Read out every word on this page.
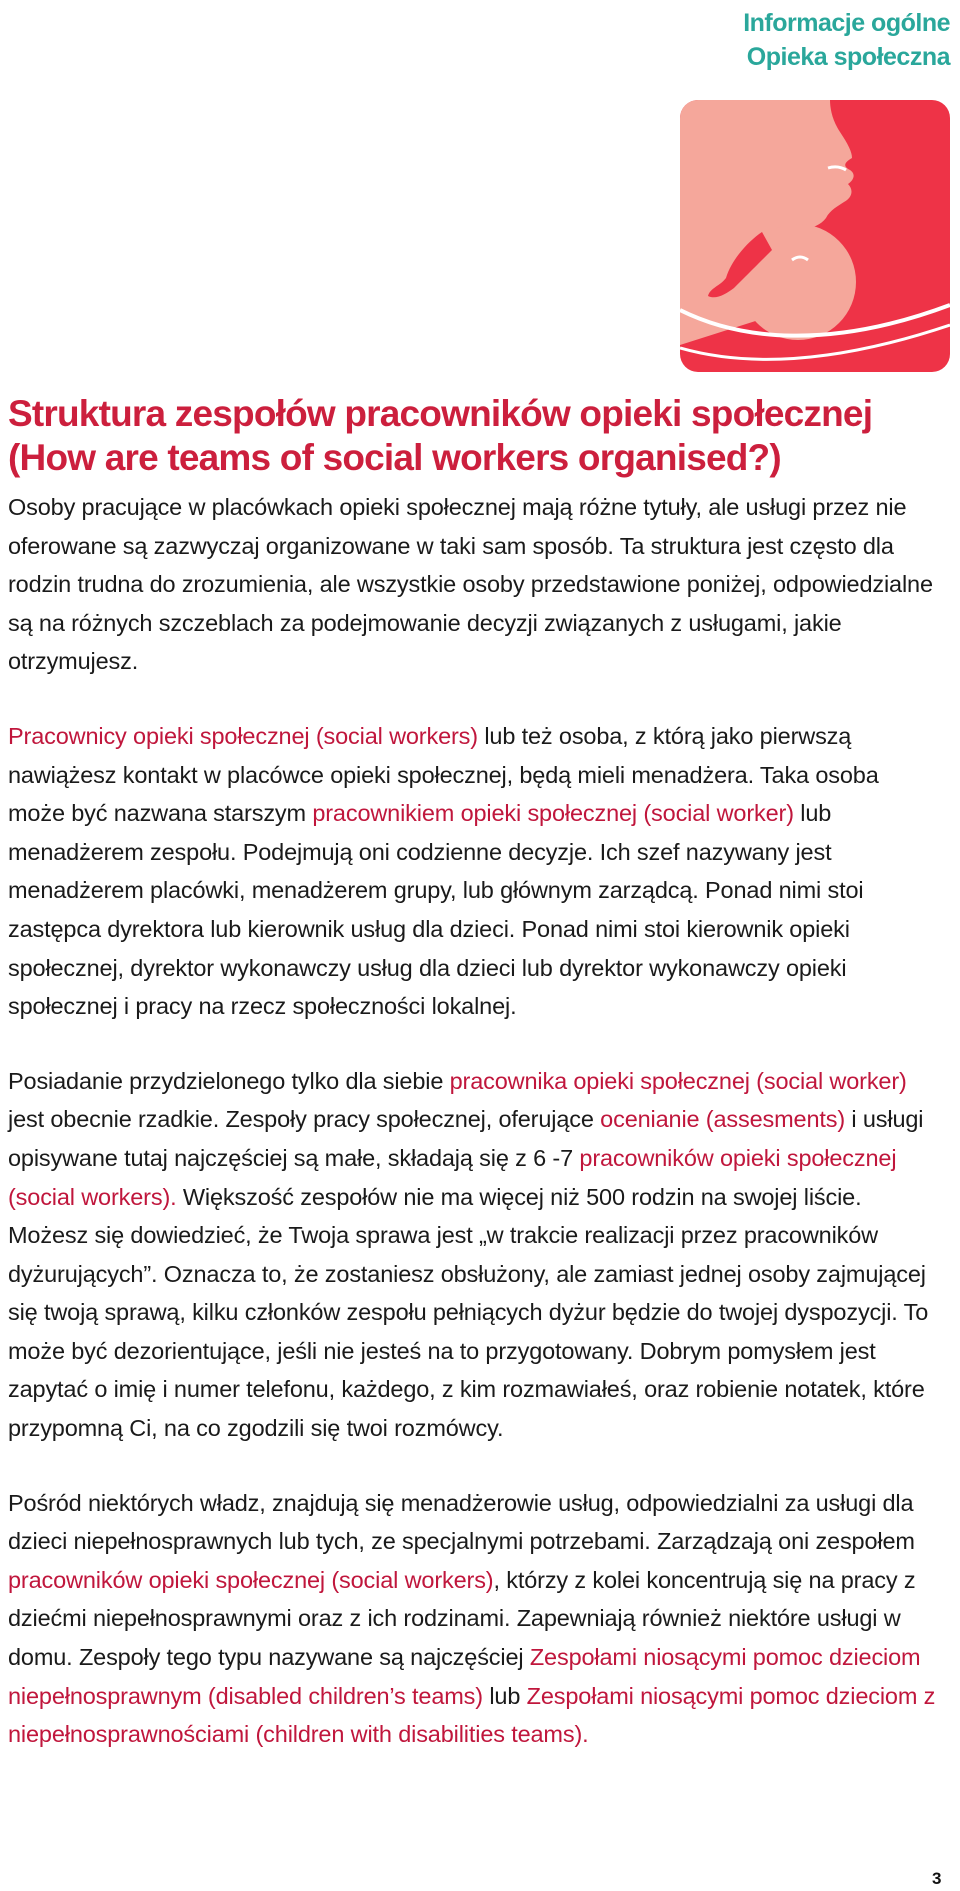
Informacje ogólne
Opieka społeczna
Struktura zespołów pracowników opieki społecznej
(How are teams of social workers organised?)

Osoby pracujące w placówkach opieki społecznej mają różne tytuły, ale usługi przez nie oferowane są zazwyczaj organizowane w taki sam sposób. Ta struktura jest często dla rodzin trudna do zrozumienia, ale wszystkie osoby przedstawione poniżej, odpowiedzialne są na różnych szczeblach za podejmowanie decyzji związanych z usługami, jakie otrzymujesz.

Pracownicy opieki społecznej (social workers) lub też osoba, z którą jako pierwszą nawiążesz kontakt w placówce opieki społecznej, będą mieli menadżera. Taka osoba może być nazwana starszym pracownikiem opieki społecznej (social worker) lub menadżerem zespołu. Podejmują oni codzienne decyzje. Ich szef nazywany jest menadżerem placówki, menadżerem grupy, lub głównym zarządcą. Ponad nimi stoi zastępca dyrektora lub kierownik usług dla dzieci. Ponad nimi stoi kierownik opieki społecznej, dyrektor wykonawczy usług dla dzieci lub dyrektor wykonawczy opieki społecznej i pracy na rzecz społeczności lokalnej.

Posiadanie przydzielonego tylko dla siebie pracownika opieki społecznej (social worker) jest obecnie rzadkie. Zespoły pracy społecznej, oferujące ocenianie (assesments) i usługi opisywane tutaj najczęściej są małe, składają się z 6 -7 pracowników opieki społecznej (social workers). Większość zespołów nie ma więcej niż 500 rodzin na swojej liście. Możesz się dowiedzieć, że Twoja sprawa jest „w trakcie realizacji przez pracowników dyżurujących”. Oznacza to, że zostaniesz obsłużony, ale zamiast jednej osoby zajmującej się twoją sprawą, kilku członków zespołu pełniących dyżur będzie do twojej dyspozycji. To może być dezorientujące, jeśli nie jesteś na to przygotowany. Dobrym pomysłem jest zapytać o imię i numer telefonu, każdego, z kim rozmawiałeś, oraz robienie notatek, które przypomną Ci, na co zgodzili się twoi rozmówcy.

Pośród niektórych władz, znajdują się menadżerowie usług, odpowiedzialni za usługi dla dzieci niepełnosprawnych lub tych, ze specjalnymi potrzebami. Zarządzają oni zespołem pracowników opieki społecznej (social workers), którzy z kolei koncentrują się na pracy z dziećmi niepełnosprawnymi oraz z ich rodzinami. Zapewniają również niektóre usługi w domu. Zespoły tego typu nazywane są najczęściej Zespołami niosącymi pomoc dzieciom niepełnosprawnym (disabled children’s teams) lub Zespołami niosącymi pomoc dzieciom z niepełnosprawnościami (children with disabilities teams).

3
